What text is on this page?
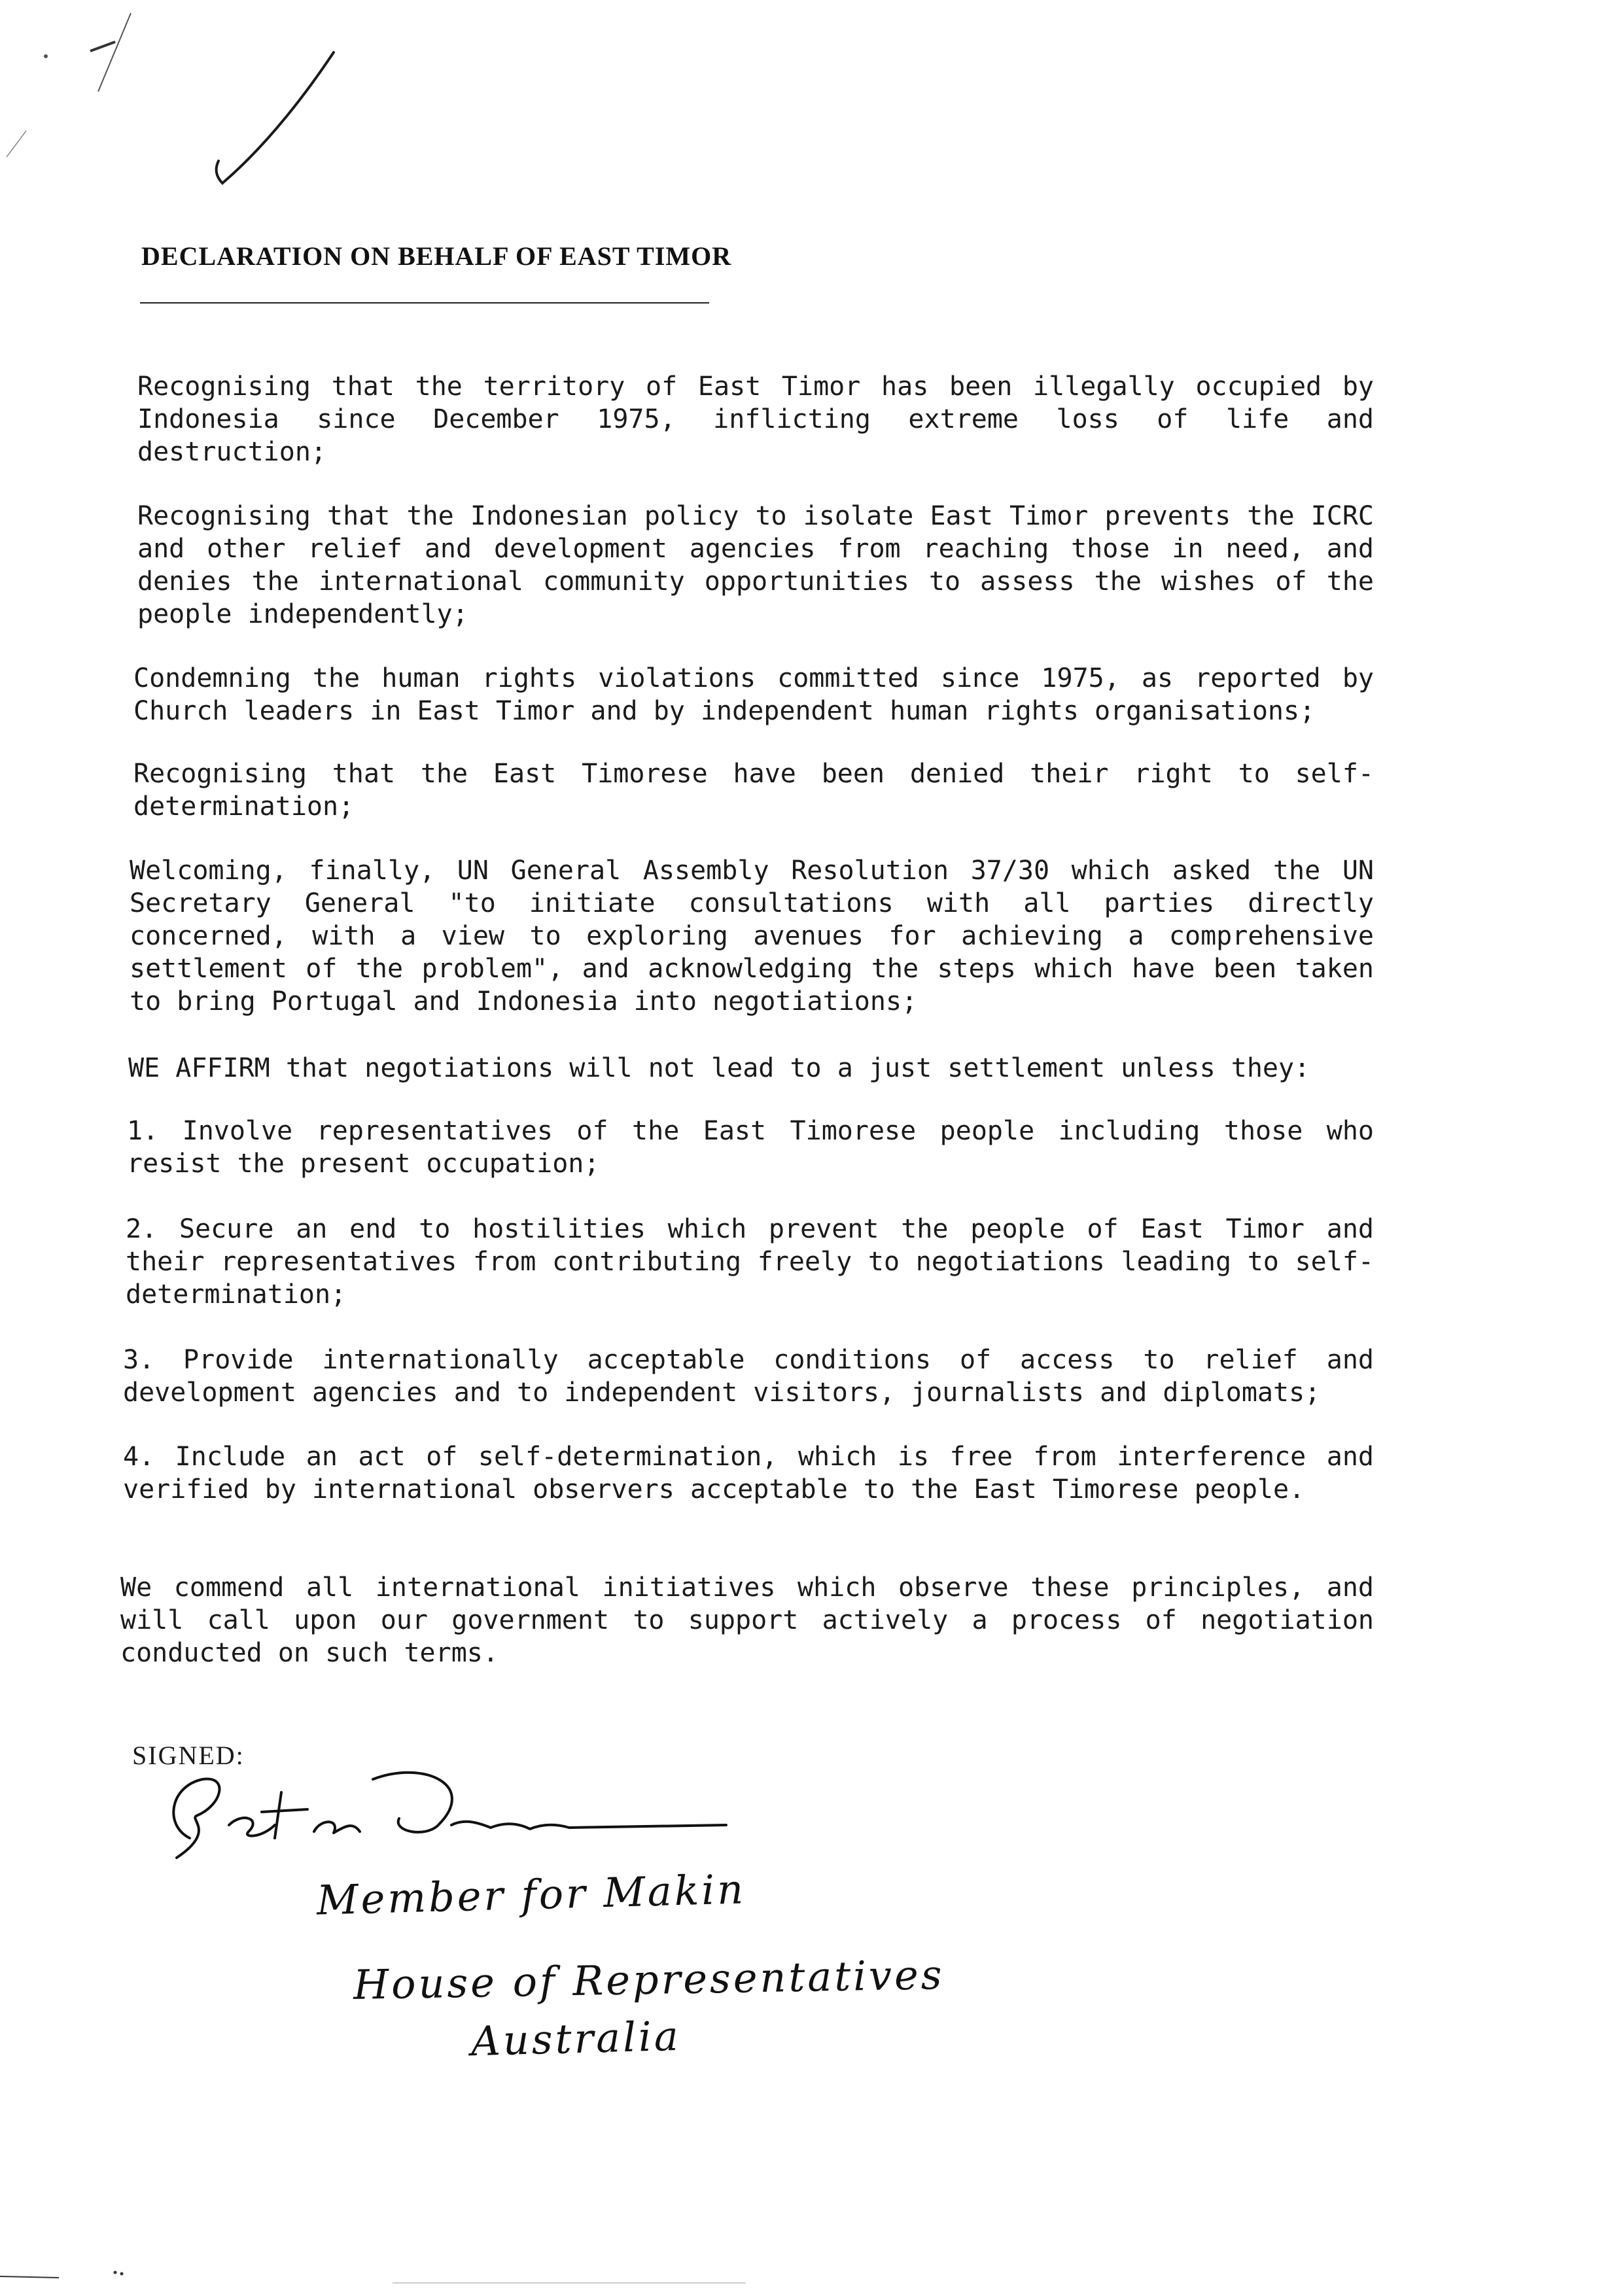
DECLARATION ON BEHALF OF EAST TIMOR

Recognising that the territory of East Timor has been illegally occupied by Indonesia since December 1975, inflicting extreme loss of life and destruction;

Recognising that the Indonesian policy to isolate East Timor prevents the ICRC and other relief and development agencies from reaching those in need, and denies the international community opportunities to assess the wishes of the people independently;

Condemning the human rights violations committed since 1975, as reported by Church leaders in East Timor and by independent human rights organisations;

Recognising that the East Timorese have been denied their right to self-determination;

Welcoming, finally, UN General Assembly Resolution 37/30 which asked the UN Secretary General "to initiate consultations with all parties directly concerned, with a view to exploring avenues for achieving a comprehensive settlement of the problem", and acknowledging the steps which have been taken to bring Portugal and Indonesia into negotiations;

WE AFFIRM that negotiations will not lead to a just settlement unless they:

1. Involve representatives of the East Timorese people including those who resist the present occupation;

2. Secure an end to hostilities which prevent the people of East Timor and their representatives from contributing freely to negotiations leading to self-determination;

3. Provide internationally acceptable conditions of access to relief and development agencies and to independent visitors, journalists and diplomats;

4. Include an act of self-determination, which is free from interference and verified by international observers acceptable to the East Timorese people.

We commend all international initiatives which observe these principles, and will call upon our government to support actively a process of negotiation conducted on such terms.

SIGNED:

Member for Makin

House of Representatives

Australia
